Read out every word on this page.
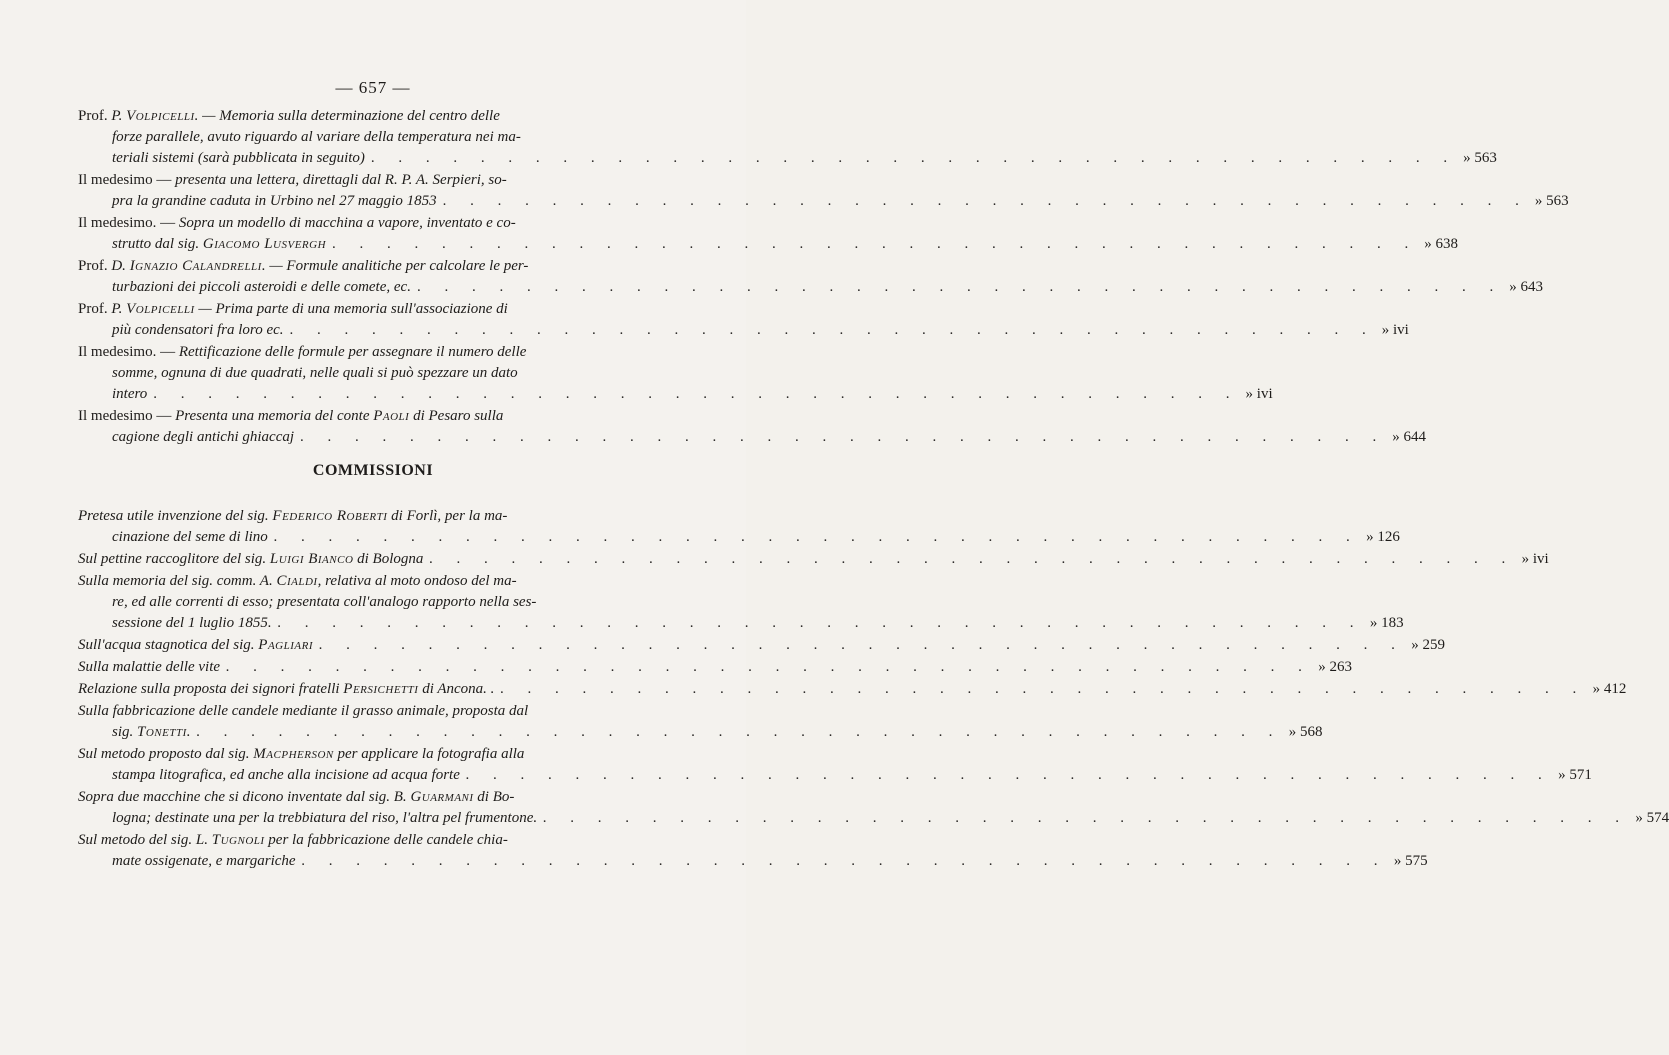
— 657 —
Prof. P. Volpicelli. — Memoria sulla determinazione del centro delle
forze parallele, avuto riguardo al variare della temperatura nei ma-
teriali sistemi (sarà pubblicata in seguito) . . . . . . . . . . . . . . . . . . . . . . . . . . . . . . . . . . . . . . . . » 563
Il medesimo — presenta una lettera, direttagli dal R. P. A. Serpieri, so-
pra la grandine caduta in Urbino nel 27 maggio 1853 . . . . . . . . . . . . . . . . . . . . . . . . . . . . . . . . . . . . . . . . » 563
Il medesimo. — Sopra un modello di macchina a vapore, inventato e co-
strutto dal sig. Giacomo Lusvergh . . . . . . . . . . . . . . . . . . . . . . . . . . . . . . . . . . . . . . . . » 638
Prof. D. Ignazio Calandrelli. — Formule analitiche per calcolare le per-
turbazioni dei piccoli asteroidi e delle comete, ec. . . . . . . . . . . . . . . . . . . . . . . . . . . . . . . . . . . . . . . . . » 643
Prof. P. Volpicelli — Prima parte di una memoria sull'associazione di
più condensatori fra loro ec. . . . . . . . . . . . . . . . . . . . . . . . . . . . . . . . . . . . . . . . . » ivi
Il medesimo. — Rettificazione delle formule per assegnare il numero delle
somme, ognuna di due quadrati, nelle quali si può spezzare un dato
intero . . . . . . . . . . . . . . . . . . . . . . . . . . . . . . . . . . . . . . . . » ivi
Il medesimo — Presenta una memoria del conte Paoli di Pesaro sulla
cagione degli antichi ghiaccaj . . . . . . . . . . . . . . . . . . . . . . . . . . . . . . . . . . . . . . . . » 644
COMMISSIONI
Pretesa utile invenzione del sig. Federico Roberti di Forlì, per la ma-
cinazione del seme di lino . . . . . . . . . . . . . . . . . . . . . . . . . . . . . . . . . . . . . . . . » 126
Sul pettine raccoglitore del sig. Luigi Bianco di Bologna . . . . . . . . . . . . . . . . . . . . . . . . . . . . . . . . . . . . . . . . » ivi
Sulla memoria del sig. comm. A. Cialdi, relativa al moto ondoso del ma-
re, ed alle correnti di esso; presentata coll'analogo rapporto nella ses-
sessione del 1 luglio 1855. . . . . . . . . . . . . . . . . . . . . . . . . . . . . . . . . . . . . . . . . » 183
Sull'acqua stagnotica del sig. Pagliari . . . . . . . . . . . . . . . . . . . . . . . . . . . . . . . . . . . . . . . . » 259
Sulla malattie delle vite . . . . . . . . . . . . . . . . . . . . . . . . . . . . . . . . . . . . . . . . » 263
Relazione sulla proposta dei signori fratelli Persichetti di Ancona. . . . . . . . . . . . . . . . . . . . . . . . . . . . . . . . . . . . . . . . . . » 412
Sulla fabbricazione delle candele mediante il grasso animale, proposta dal
sig. Tonetti. . . . . . . . . . . . . . . . . . . . . . . . . . . . . . . . . . . . . . . . . » 568
Sul metodo proposto dal sig. Macpherson per applicare la fotografia alla
stampa litografica, ed anche alla incisione ad acqua forte . . . . . . . . . . . . . . . . . . . . . . . . . . . . . . . . . . . . . . . . » 571
Sopra due macchine che si dicono inventate dal sig. B. Guarmani di Bo-
logna; destinate una per la trebbiatura del riso, l'altra pel frumentone. . . . . . . . . . . . . . . . . . . . . . . . . . . . . . . . . . . . . . . . . » 574
Sul metodo del sig. L. Tugnoli per la fabbricazione delle candele chia-
mate ossigenate, e margariche . . . . . . . . . . . . . . . . . . . . . . . . . . . . . . . . . . . . . . . . » 575
